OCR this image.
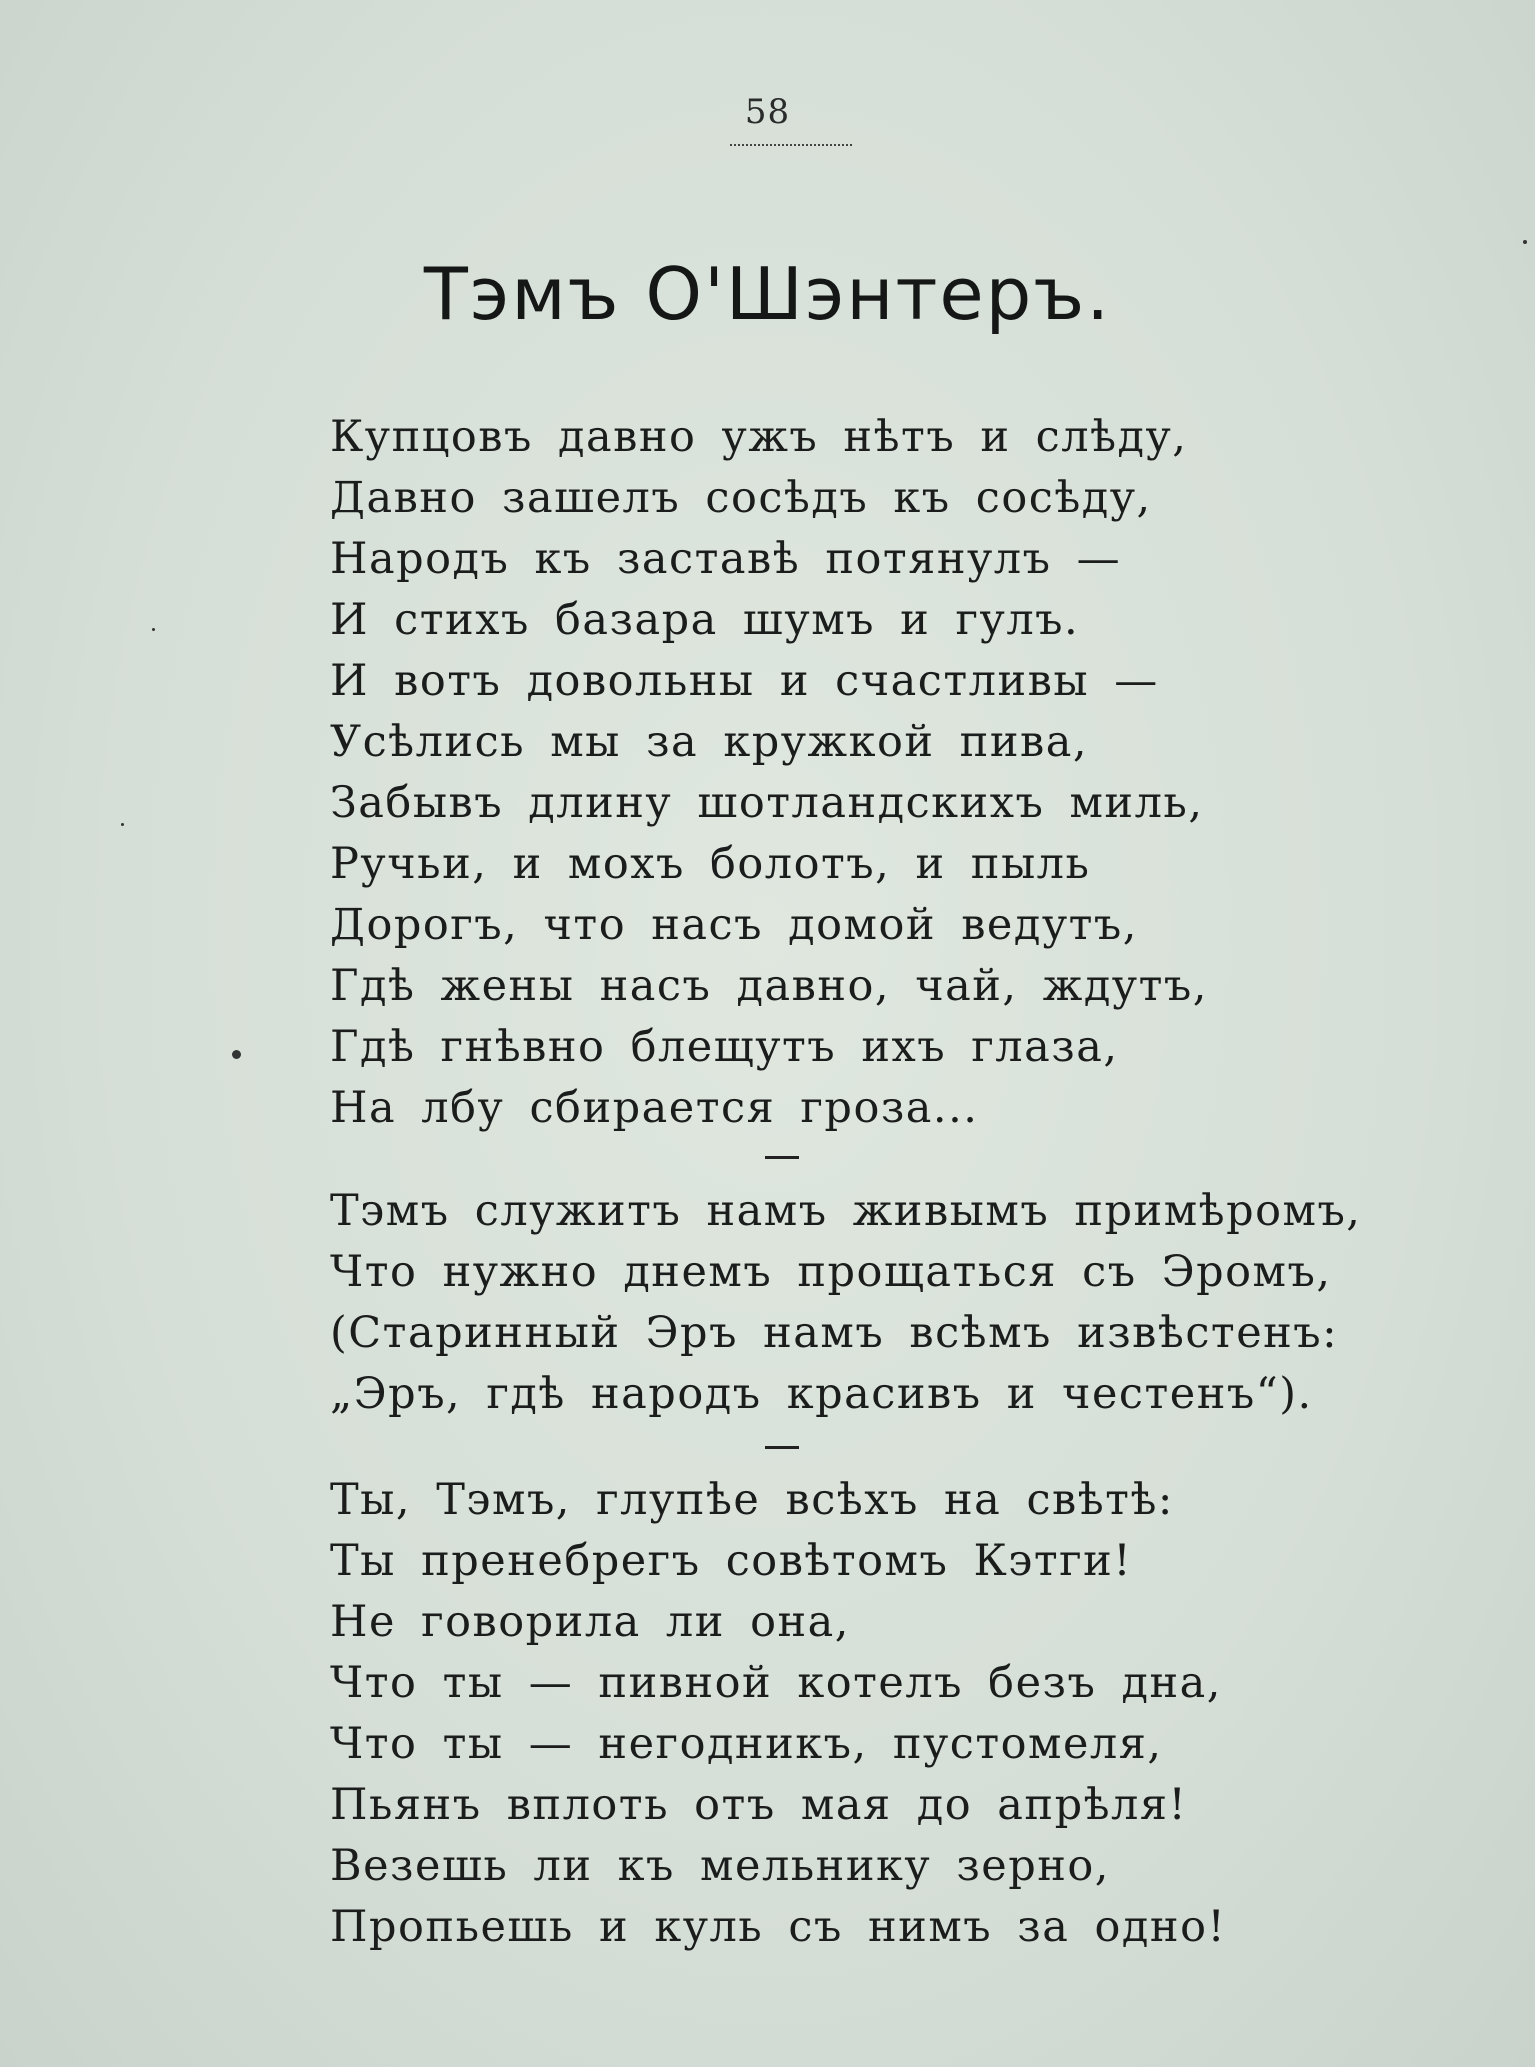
58
Тэмъ О'Шэнтеръ.
Купцовъ давно ужъ нѣтъ и слѣду,
Давно зашелъ сосѣдъ къ сосѣду,
Народъ къ заставѣ потянулъ —
И стихъ базара шумъ и гулъ.
И вотъ довольны и счастливы —
Усѣлись мы за кружкой пива,
Забывъ длину шотландскихъ миль,
Ручьи, и мохъ болотъ, и пыль
Дорогъ, что насъ домой ведутъ,
Гдѣ жены насъ давно, чай, ждутъ,
Гдѣ гнѣвно блещутъ ихъ глаза,
На лбу сбирается гроза...
Тэмъ служитъ намъ живымъ примѣромъ,
Что нужно днемъ прощаться съ Эромъ,
(Старинный Эръ намъ всѣмъ извѣстенъ:
„Эръ, гдѣ народъ красивъ и честенъ“).
Ты, Тэмъ, глупѣе всѣхъ на свѣтѣ:
Ты пренебрегъ совѣтомъ Кэтги!
Не говорила ли она,
Что ты — пивной котелъ безъ дна,
Что ты — негодникъ, пустомеля,
Пьянъ вплоть отъ мая до апрѣля!
Везешь ли къ мельнику зерно,
Пропьешь и куль съ нимъ за одно!
